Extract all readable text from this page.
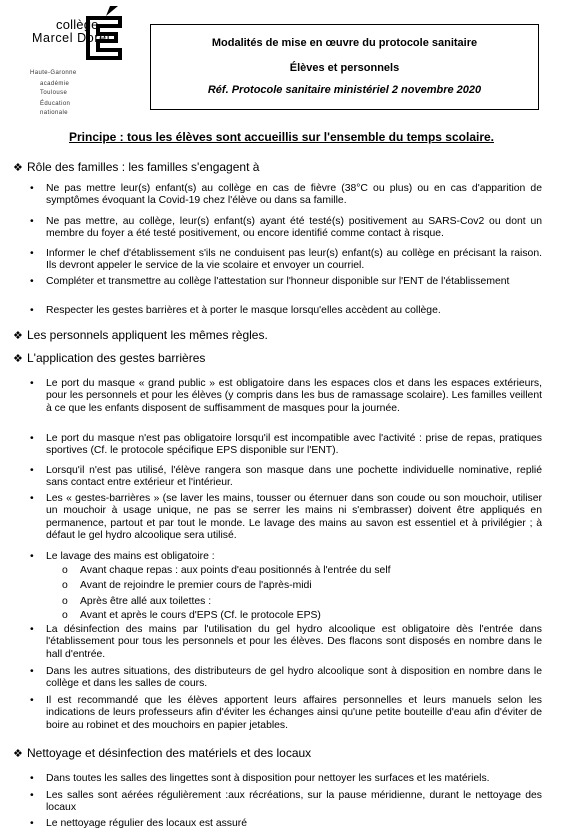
collège
Marcel Doret
Haute-Garonne
académie
Toulouse
Éducation
nationale
Modalités de mise en œuvre du protocole sanitaire
Élèves et personnels
Réf. Protocole sanitaire ministériel 2 novembre 2020
Principe : tous les élèves sont accueillis sur l'ensemble du temps scolaire.
❖ Rôle des familles : les familles s'engagent à
• Ne pas mettre leur(s) enfant(s) au collège en cas de fièvre (38°C ou plus) ou en cas d'apparition de symptômes évoquant la Covid-19 chez l'élève ou dans sa famille.
• Ne pas mettre, au collège, leur(s) enfant(s) ayant été testé(s) positivement au SARS-Cov2 ou dont un membre du foyer a été testé positivement, ou encore identifié comme contact à risque.
• Informer le chef d'établissement s'ils ne conduisent pas leur(s) enfant(s) au collège en précisant la raison. Ils devront appeler le service de la vie scolaire et envoyer un courriel.
• Compléter et transmettre au collège l'attestation sur l'honneur disponible sur l'ENT de l'établissement
• Respecter les gestes barrières et à porter le masque lorsqu'elles accèdent au collège.
❖ Les personnels appliquent les mêmes règles.
❖ L'application des gestes barrières
• Le port du masque « grand public » est obligatoire dans les espaces clos et dans les espaces extérieurs, pour les personnels et pour les élèves (y compris dans les bus de ramassage scolaire). Les familles veillent à ce que les enfants disposent de suffisamment de masques pour la journée.
• Le port du masque n'est pas obligatoire lorsqu'il est incompatible avec l'activité : prise de repas, pratiques sportives (Cf. le protocole spécifique EPS disponible sur l'ENT).
• Lorsqu'il n'est pas utilisé, l'élève rangera son masque dans une pochette individuelle nominative, replié sans contact entre extérieur et l'intérieur.
• Les « gestes-barrières » (se laver les mains, tousser ou éternuer dans son coude ou son mouchoir, utiliser un mouchoir à usage unique, ne pas se serrer les mains ni s'embrasser) doivent être appliqués en permanence, partout et par tout le monde. Le lavage des mains au savon est essentiel et à privilégier ; à défaut le gel hydro alcoolique sera utilisé.
• Le lavage des mains est obligatoire :
o Avant chaque repas : aux points d'eau positionnés à l'entrée du self
o Avant de rejoindre le premier cours de l'après-midi
o Après être allé aux toilettes :
o Avant et après le cours d'EPS (Cf. le protocole EPS)
• La désinfection des mains par l'utilisation du gel hydro alcoolique est obligatoire dès l'entrée dans l'établissement pour tous les personnels et pour les élèves. Des flacons sont disposés en nombre dans le hall d'entrée.
• Dans les autres situations, des distributeurs de gel hydro alcoolique sont à disposition en nombre dans le collège et dans les salles de cours.
• Il est recommandé que les élèves apportent leurs affaires personnelles et leurs manuels selon les indications de leurs professeurs afin d'éviter les échanges ainsi qu'une petite bouteille d'eau afin d'éviter de boire au robinet et des mouchoirs en papier jetables.
❖ Nettoyage et désinfection des matériels et des locaux
• Dans toutes les salles des lingettes sont à disposition pour nettoyer les surfaces et les matériels.
• Les salles sont aérées régulièrement :aux récréations, sur la pause méridienne, durant le nettoyage des locaux
• Le nettoyage régulier des locaux est assuré
